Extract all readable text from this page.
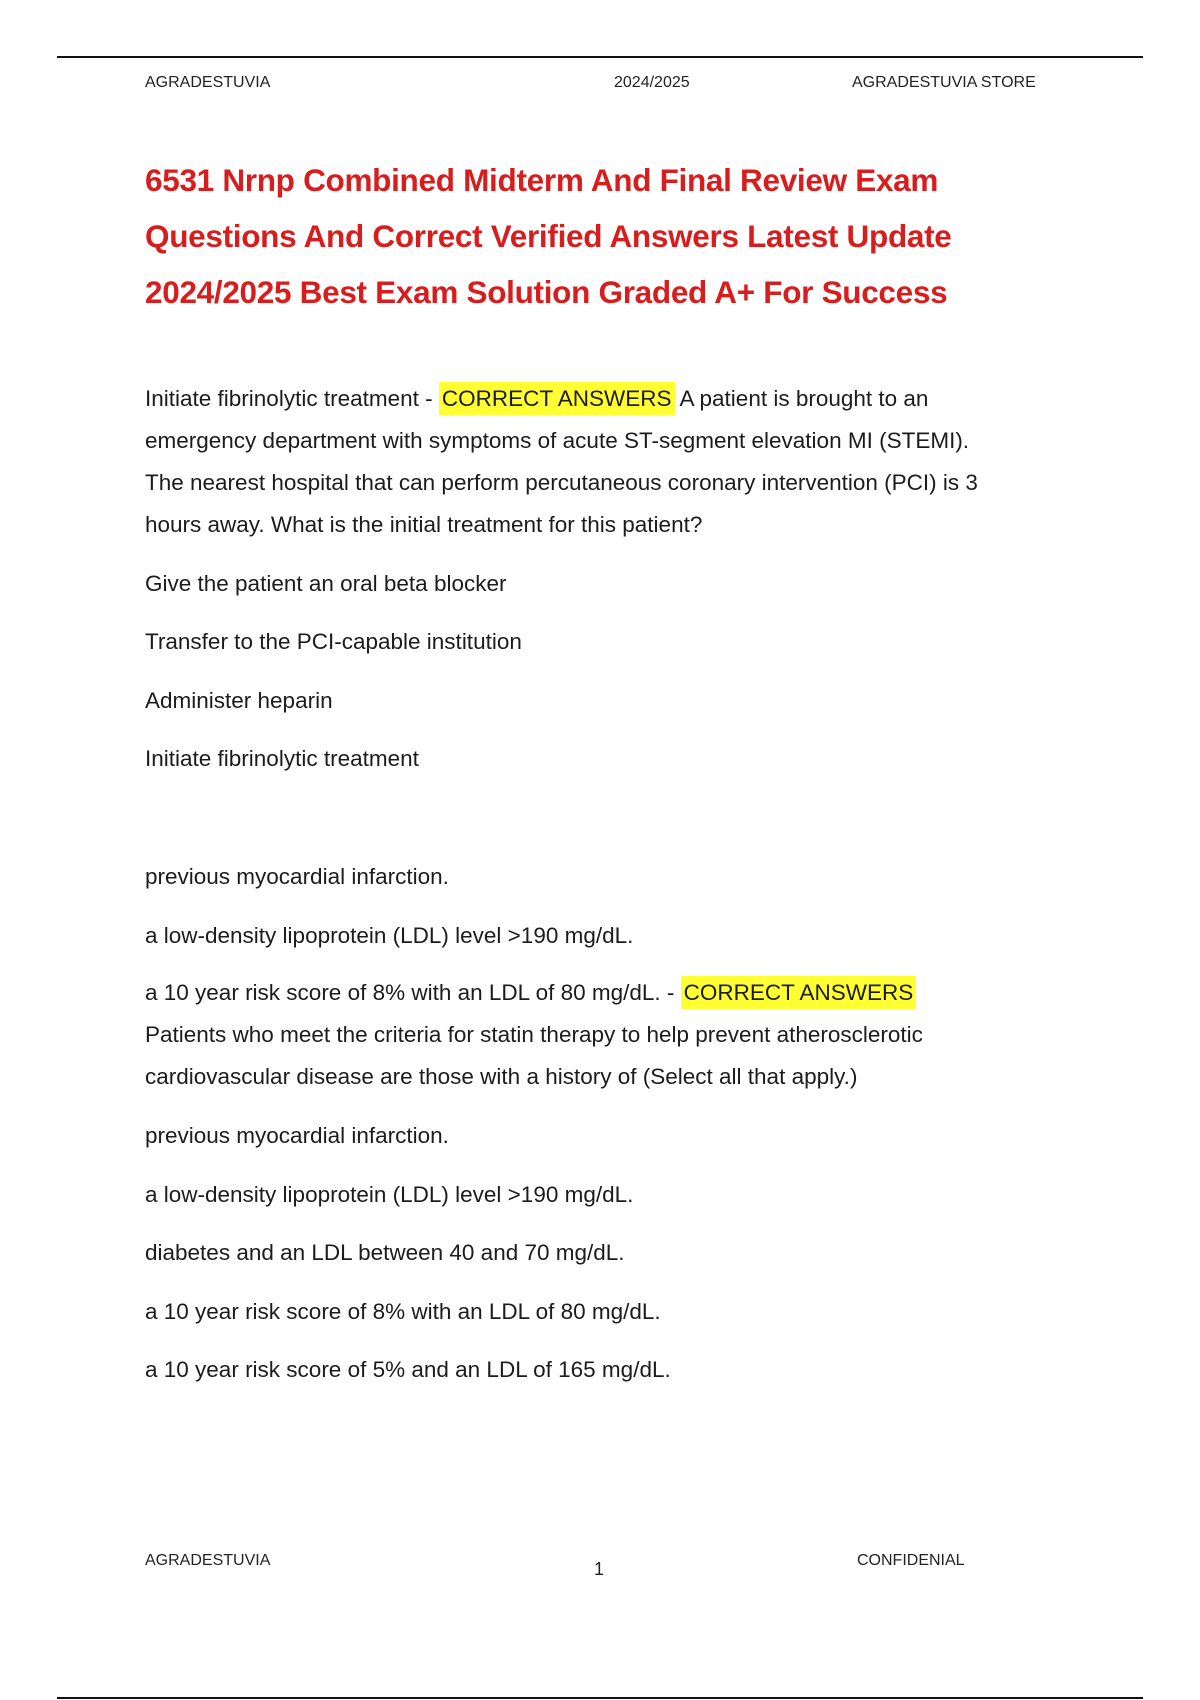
AGRADESTUVIA	2024/2025	AGRADESTUVIA STORE
6531 Nrnp Combined Midterm And Final Review Exam
Questions And Correct Verified Answers Latest Update
2024/2025 Best Exam Solution Graded A+ For Success
Initiate fibrinolytic treatment - CORRECT ANSWERS A patient is brought to an
emergency department with symptoms of acute ST-segment elevation MI (STEMI).
The nearest hospital that can perform percutaneous coronary intervention (PCI) is 3
hours away. What is the initial treatment for this patient?
Give the patient an oral beta blocker
Transfer to the PCI-capable institution
Administer heparin
Initiate fibrinolytic treatment
previous myocardial infarction.
a low-density lipoprotein (LDL) level >190 mg/dL.
a 10 year risk score of 8% with an LDL of 80 mg/dL. - CORRECT ANSWERS
Patients who meet the criteria for statin therapy to help prevent atherosclerotic
cardiovascular disease are those with a history of (Select all that apply.)
previous myocardial infarction.
a low-density lipoprotein (LDL) level >190 mg/dL.
diabetes and an LDL between 40 and 70 mg/dL.
a 10 year risk score of 8% with an LDL of 80 mg/dL.
a 10 year risk score of 5% and an LDL of 165 mg/dL.
AGRADESTUVIA	1	CONFIDENIAL
